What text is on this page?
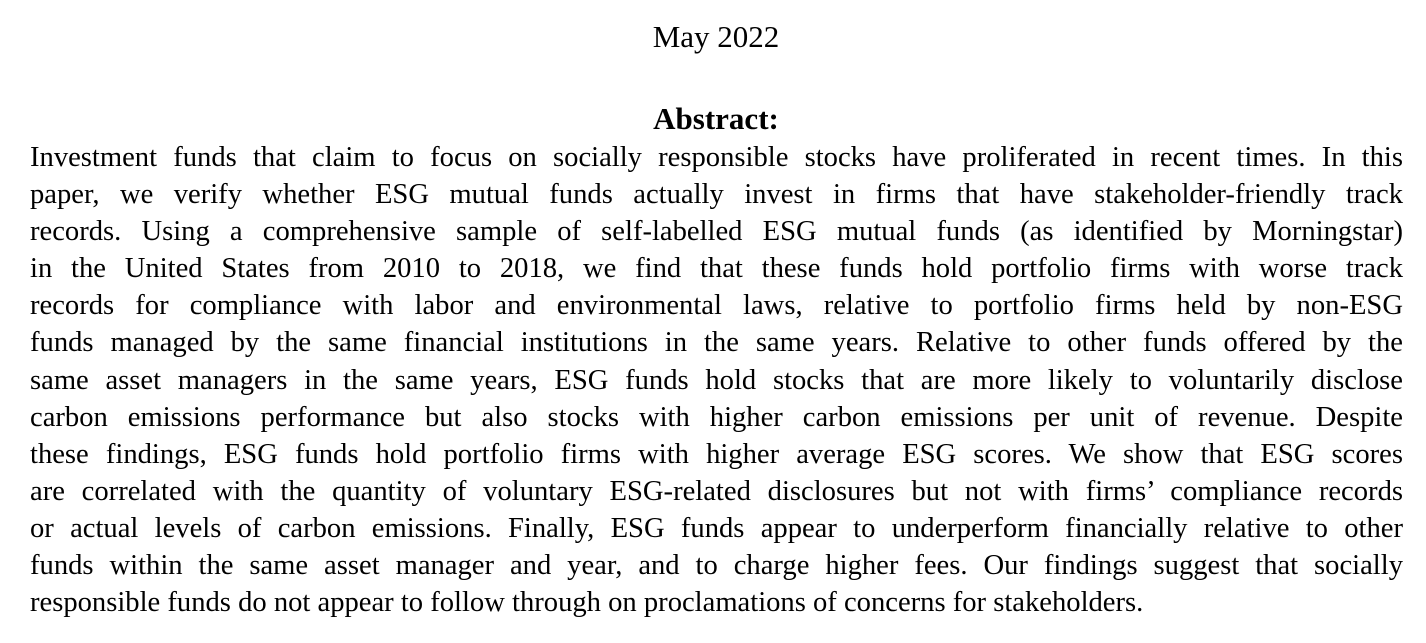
May 2022
Abstract:
Investment funds that claim to focus on socially responsible stocks have proliferated in recent times. In this
paper, we verify whether ESG mutual funds actually invest in firms that have stakeholder-friendly track
records. Using a comprehensive sample of self-labelled ESG mutual funds (as identified by Morningstar)
in the United States from 2010 to 2018, we find that these funds hold portfolio firms with worse track
records for compliance with labor and environmental laws, relative to portfolio firms held by non-ESG
funds managed by the same financial institutions in the same years. Relative to other funds offered by the
same asset managers in the same years, ESG funds hold stocks that are more likely to voluntarily disclose
carbon emissions performance but also stocks with higher carbon emissions per unit of revenue. Despite
these findings, ESG funds hold portfolio firms with higher average ESG scores. We show that ESG scores
are correlated with the quantity of voluntary ESG-related disclosures but not with firms’ compliance records
or actual levels of carbon emissions. Finally, ESG funds appear to underperform financially relative to other
funds within the same asset manager and year, and to charge higher fees. Our findings suggest that socially
responsible funds do not appear to follow through on proclamations of concerns for stakeholders.
